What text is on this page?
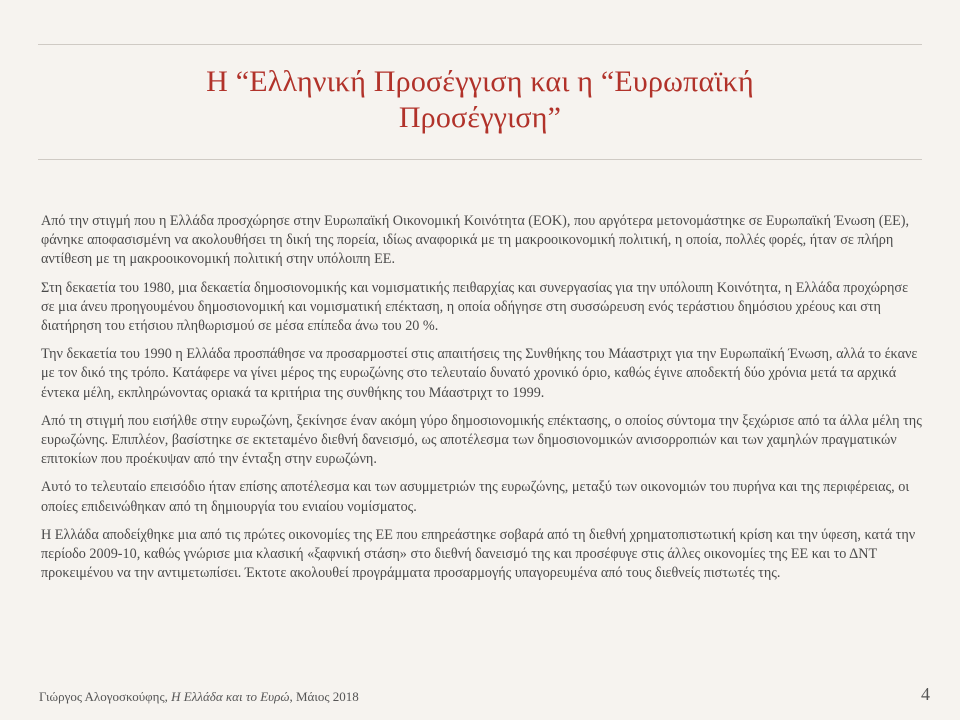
Η “Ελληνική Προσέγγιση και η “Ευρωπαϊκή
Προσέγγιση”

Από την στιγμή που η Ελλάδα προσχώρησε στην Ευρωπαϊκή Οικονομική Κοινότητα (ΕΟΚ), που αργότερα μετονομάστηκε σε Ευρωπαϊκή Ένωση (ΕΕ), φάνηκε αποφασισμένη να ακολουθήσει τη δική της πορεία, ιδίως αναφορικά με τη μακροοικονομική πολιτική, η οποία, πολλές φορές, ήταν σε πλήρη αντίθεση με τη μακροοικονομική πολιτική στην υπόλοιπη ΕΕ.

Στη δεκαετία του 1980, μια δεκαετία δημοσιονομικής και νομισματικής πειθαρχίας και συνεργασίας για την υπόλοιπη Κοινότητα, η Ελλάδα προχώρησε σε μια άνευ προηγουμένου δημοσιονομική και νομισματική επέκταση, η οποία οδήγησε στη συσσώρευση ενός τεράστιου δημόσιου χρέους και στη διατήρηση του ετήσιου πληθωρισμού σε μέσα επίπεδα άνω του 20 %.

Την δεκαετία του 1990 η Ελλάδα προσπάθησε να προσαρμοστεί στις απαιτήσεις της Συνθήκης του Μάαστριχτ για την Ευρωπαϊκή Ένωση, αλλά το έκανε με τον δικό της τρόπο. Κατάφερε να γίνει μέρος της ευρωζώνης στο τελευταίο δυνατό χρονικό όριο, καθώς έγινε αποδεκτή δύο χρόνια μετά τα αρχικά έντεκα μέλη, εκπληρώνοντας οριακά τα κριτήρια της συνθήκης του Μάαστριχτ το 1999.

Από τη στιγμή που εισήλθε στην ευρωζώνη, ξεκίνησε έναν ακόμη γύρο δημοσιονομικής επέκτασης, ο οποίος σύντομα την ξεχώρισε από τα άλλα μέλη της ευρωζώνης. Επιπλέον, βασίστηκε σε εκτεταμένο διεθνή δανεισμό, ως αποτέλεσμα των δημοσιονομικών ανισορροπιών και των χαμηλών πραγματικών επιτοκίων που προέκυψαν από την ένταξη στην ευρωζώνη.

Αυτό το τελευταίο επεισόδιο ήταν επίσης αποτέλεσμα και των ασυμμετριών της ευρωζώνης, μεταξύ των οικονομιών του πυρήνα και της περιφέρειας, οι οποίες επιδεινώθηκαν από τη δημιουργία του ενιαίου νομίσματος.

Η Ελλάδα αποδείχθηκε μια από τις πρώτες οικονομίες της ΕΕ που επηρεάστηκε σοβαρά από τη διεθνή χρηματοπιστωτική κρίση και την ύφεση, κατά την περίοδο 2009-10, καθώς γνώρισε μια κλασική «ξαφνική στάση» στο διεθνή δανεισμό της και προσέφυγε στις άλλες οικονομίες της ΕΕ και το ΔΝΤ προκειμένου να την αντιμετωπίσει. Έκτοτε ακολουθεί προγράμματα προσαρμογής υπαγορευμένα από τους διεθνείς πιστωτές της.

Γιώργος Αλογοσκούφης, Η Ελλάδα και το Ευρώ, Μάιος 2018	4
